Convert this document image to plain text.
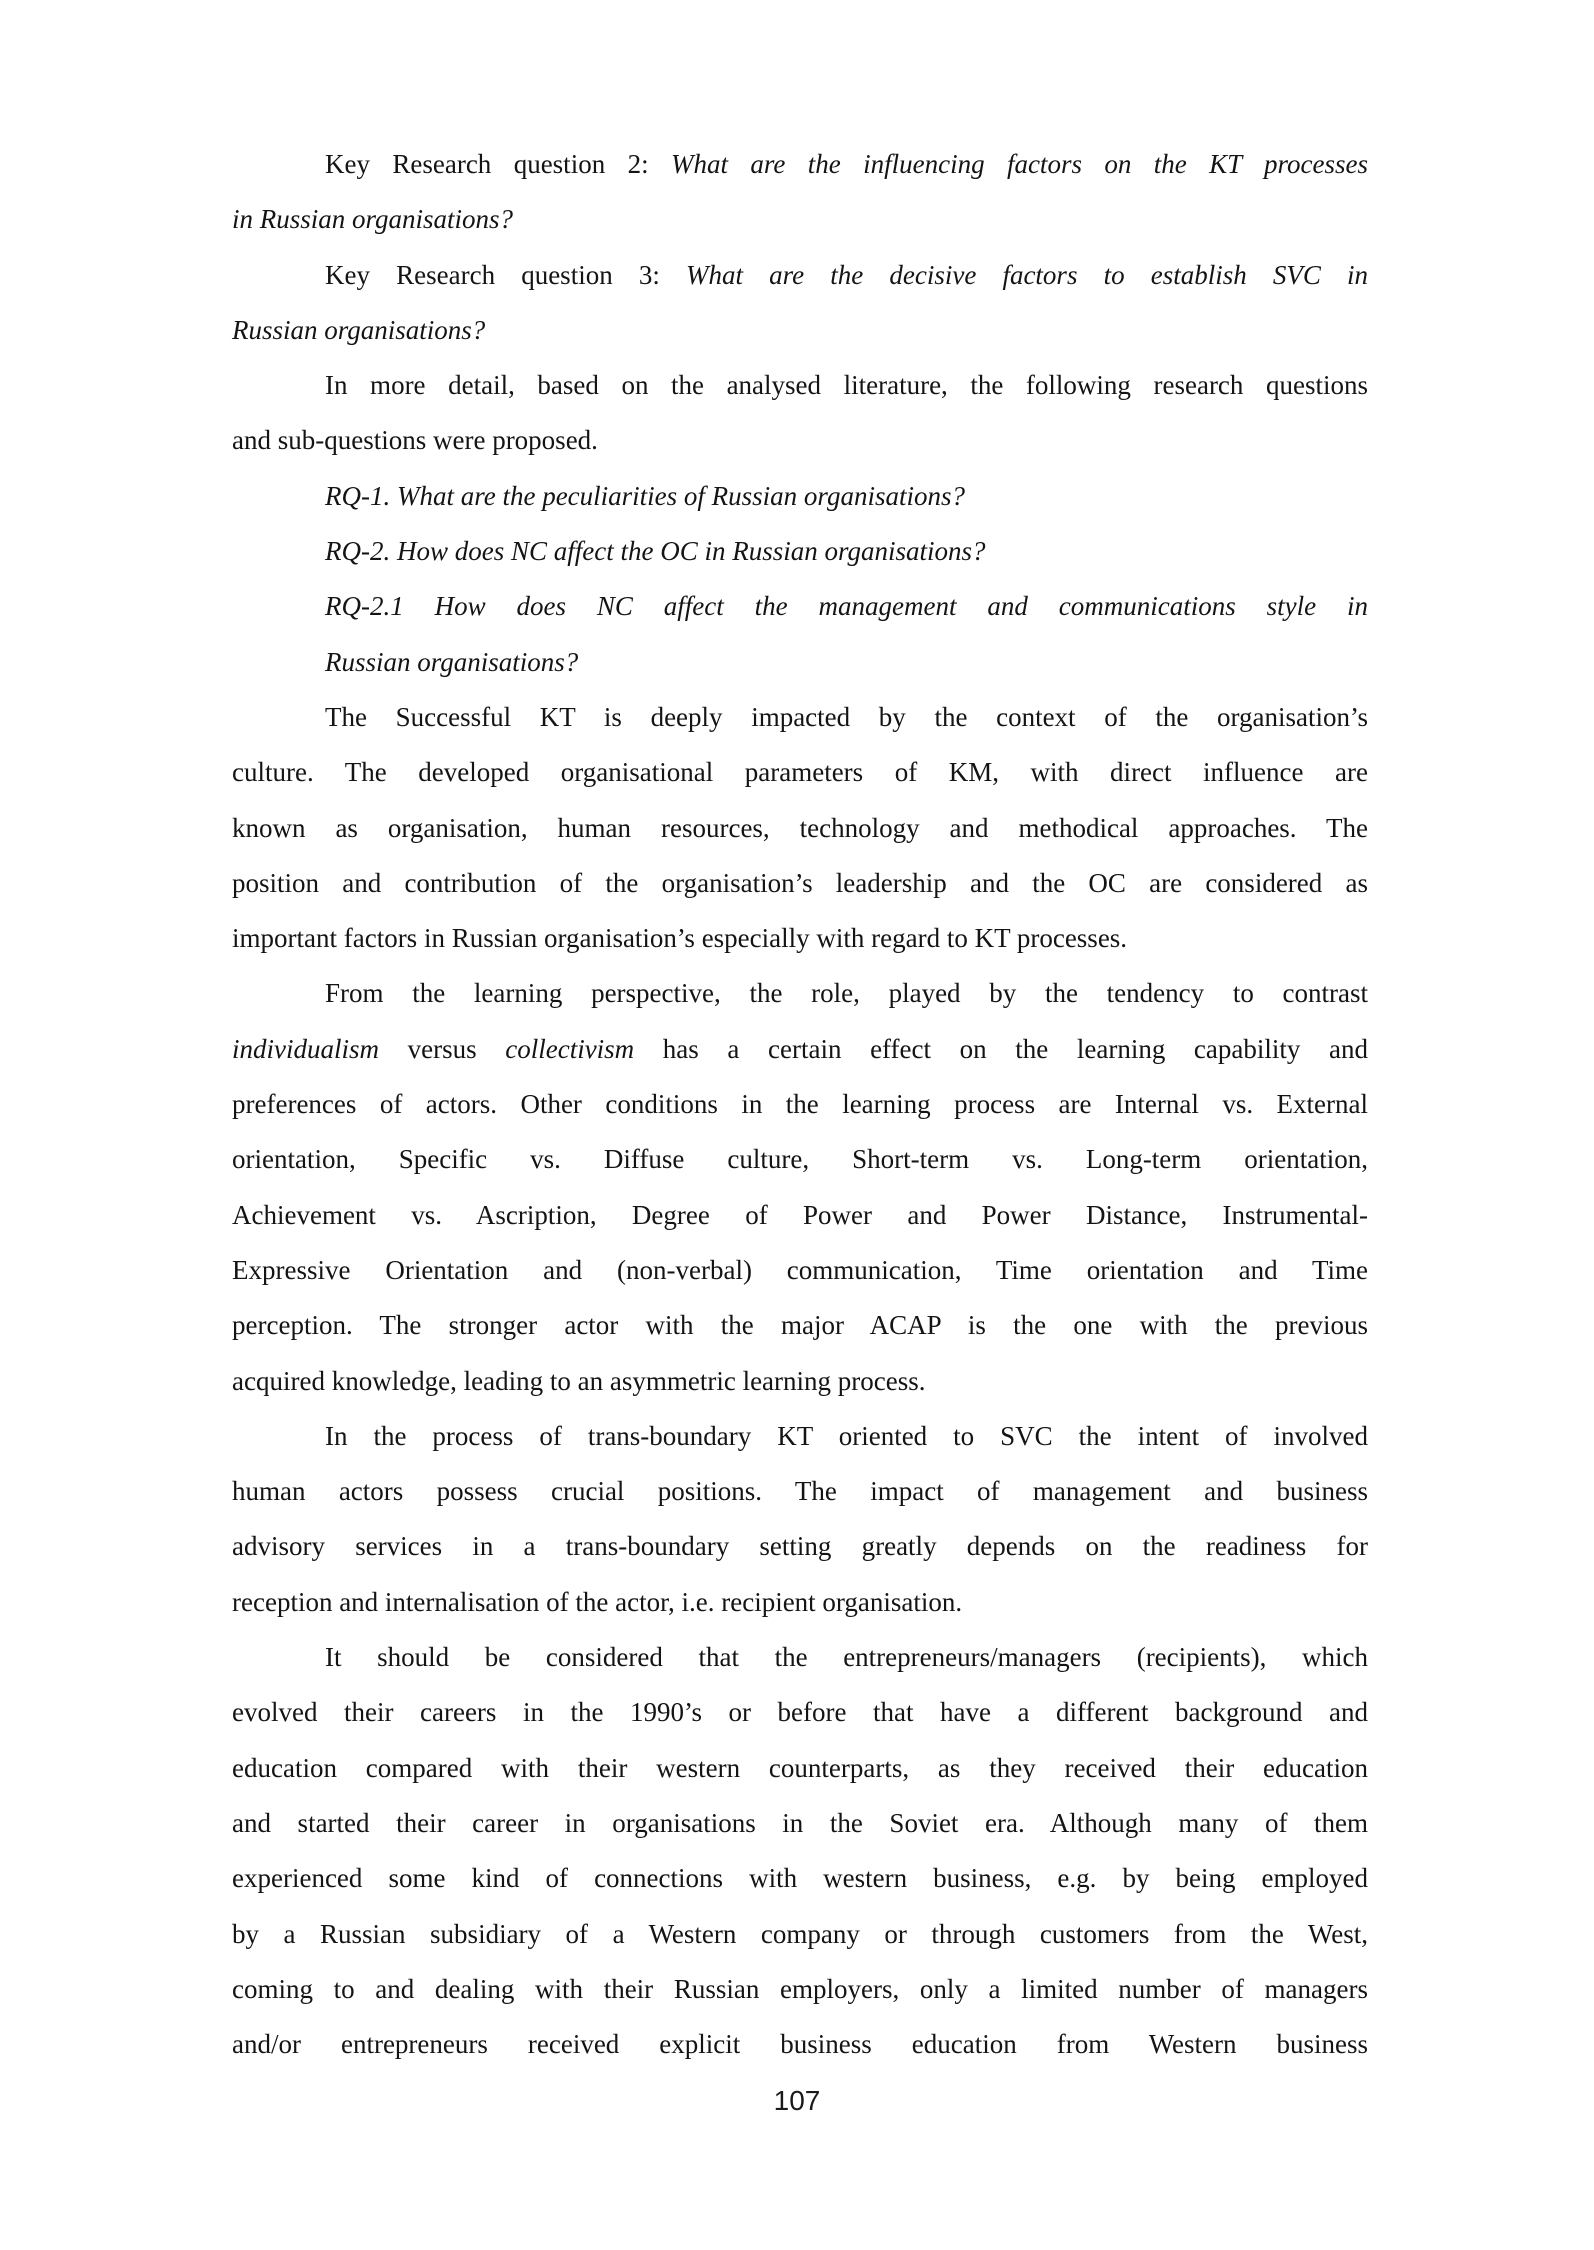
Key Research question 2: What are the influencing factors on the KT processes
in Russian organisations?
Key Research question 3: What are the decisive factors to establish SVC in
Russian organisations?
In more detail, based on the analysed literature, the following research questions
and sub-questions were proposed.
RQ-1. What are the peculiarities of Russian organisations?
RQ-2. How does NC affect the OC in Russian organisations?
RQ-2.1 How does NC affect the management and communications style in
Russian organisations?
The Successful KT is deeply impacted by the context of the organisation’s
culture. The developed organisational parameters of KM, with direct influence are
known as organisation, human resources, technology and methodical approaches. The
position and contribution of the organisation’s leadership and the OC are considered as
important factors in Russian organisation’s especially with regard to KT processes.
From the learning perspective, the role, played by the tendency to contrast
individualism versus collectivism has a certain effect on the learning capability and
preferences of actors. Other conditions in the learning process are Internal vs. External
orientation, Specific vs. Diffuse culture, Short-term vs. Long-term orientation,
Achievement vs. Ascription, Degree of Power and Power Distance, Instrumental-
Expressive Orientation and (non-verbal) communication, Time orientation and Time
perception. The stronger actor with the major ACAP is the one with the previous
acquired knowledge, leading to an asymmetric learning process.
In the process of trans-boundary KT oriented to SVC the intent of involved
human actors possess crucial positions. The impact of management and business
advisory services in a trans-boundary setting greatly depends on the readiness for
reception and internalisation of the actor, i.e. recipient organisation.
It should be considered that the entrepreneurs/managers (recipients), which
evolved their careers in the 1990’s or before that have a different background and
education compared with their western counterparts, as they received their education
and started their career in organisations in the Soviet era. Although many of them
experienced some kind of connections with western business, e.g. by being employed
by a Russian subsidiary of a Western company or through customers from the West,
coming to and dealing with their Russian employers, only a limited number of managers
and/or entrepreneurs received explicit business education from Western business
107
